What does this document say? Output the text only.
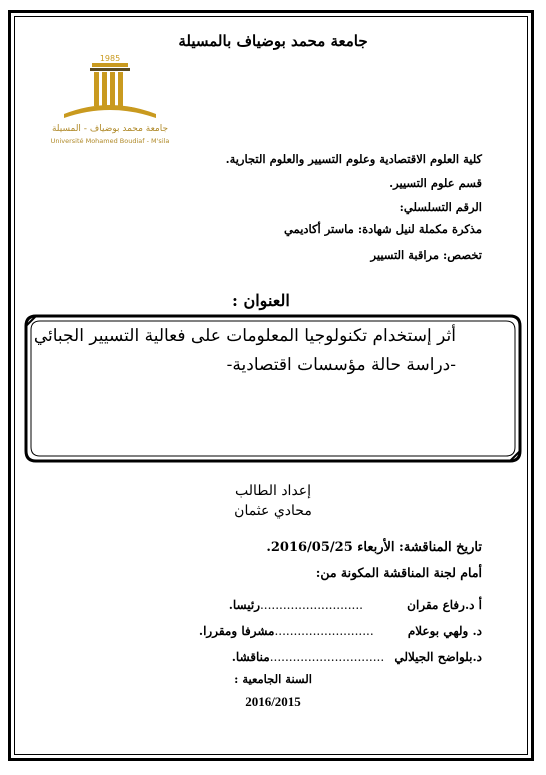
جامعة محمد بوضياف بالمسيلة
1985
جامعة محمد بوضياف - المسيلة
Université Mohamed Boudiaf - M'sila
كلية العلوم الاقتصادية وعلوم التسيير والعلوم التجارية.
قسم علوم التسيير.
الرقم التسلسلي:
مذكرة مكملة لنيل شهادة: ماستر أكاديمي
تخصص: مراقبة التسيير
العنوان :
أثر إستخدام تكنولوجيا المعلومات على فعالية التسيير الجبائي
-دراسة حالة مؤسسات اقتصادية-
إعداد الطالب
محادي عثمان
تاريخ المناقشة: الأربعاء 2016/05/25.
أمام لجنة المناقشة المكونة من:
أ د.رفاع مقران ...........................رئيسا.
د. ولهي بوعلام ..........................مشرفا ومقررا.
د.بلواضح الجيلالي ..............................مناقشا.
السنة الجامعية :
2016/2015
